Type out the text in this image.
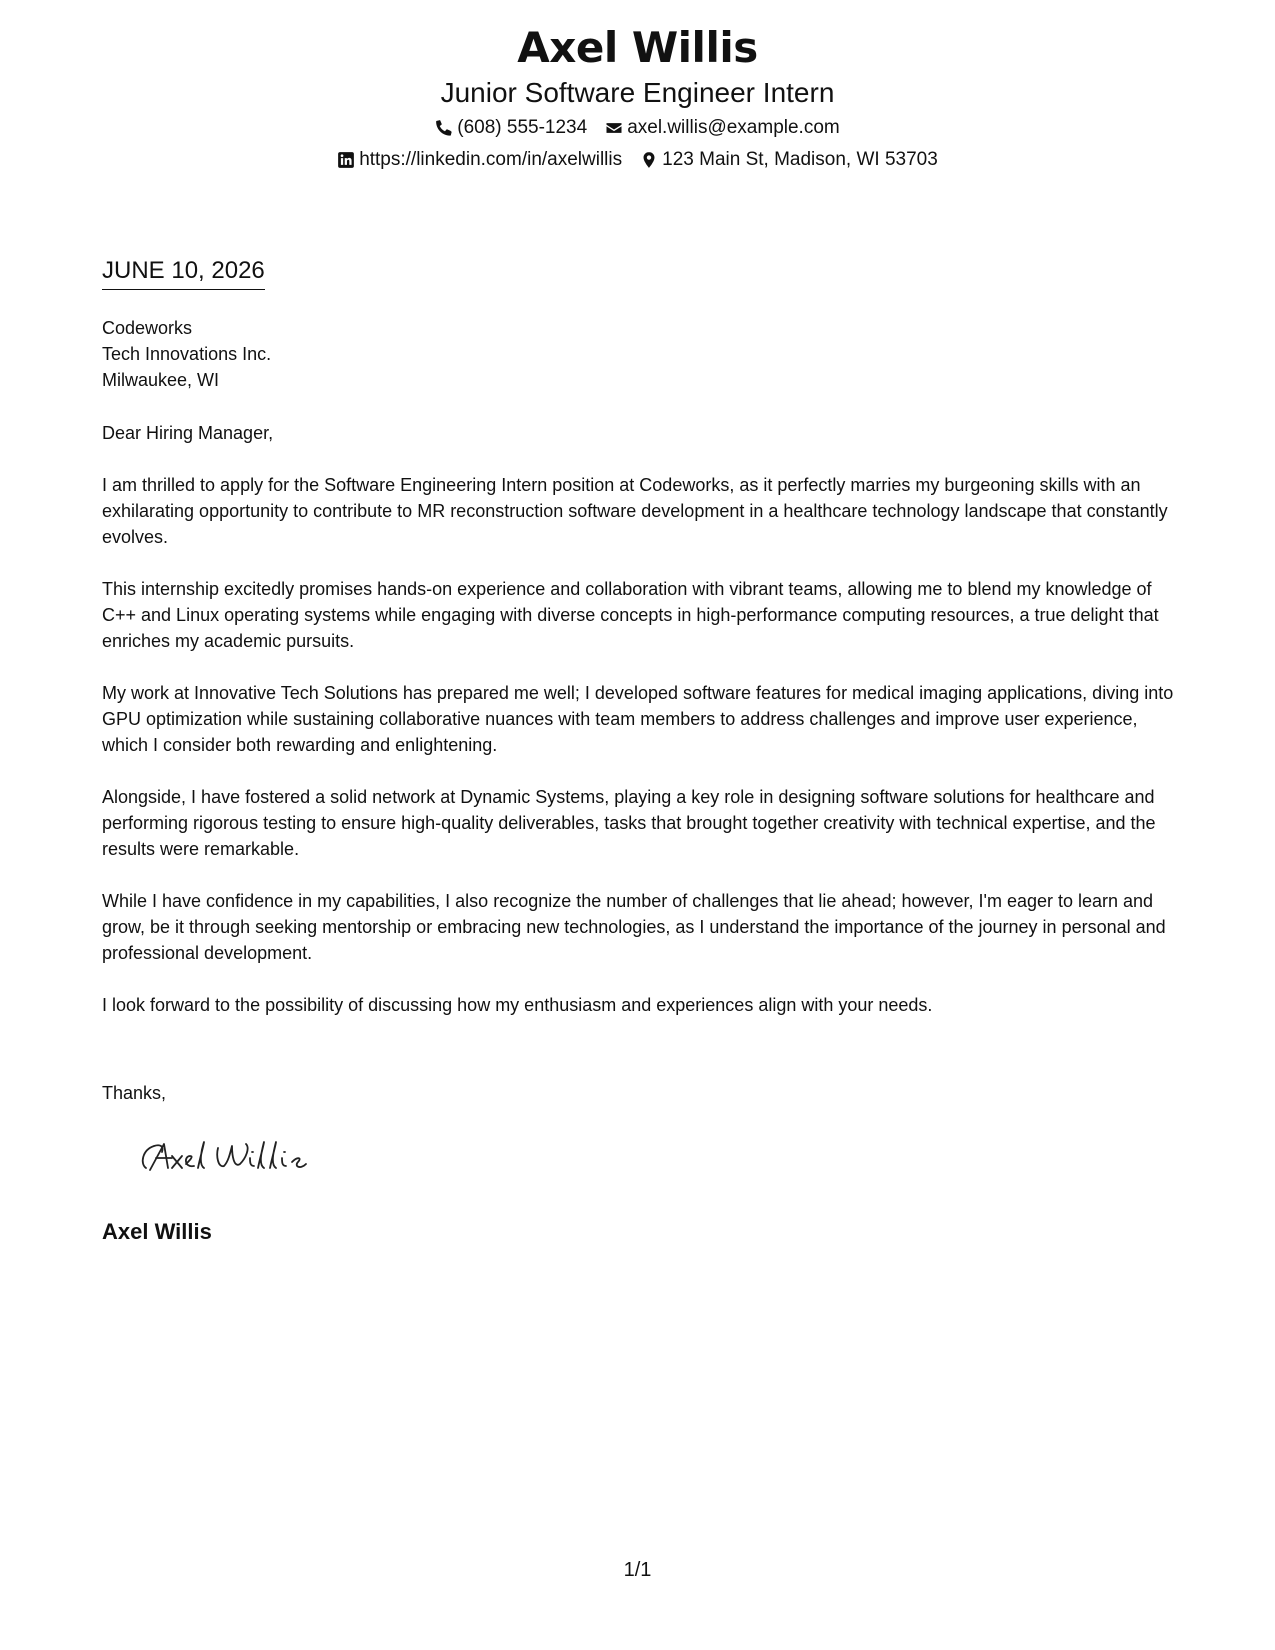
Axel Willis
Junior Software Engineer Intern
(608) 555-1234 axel.willis@example.com
https://linkedin.com/in/axelwillis 123 Main St, Madison, WI 53703
JUNE 10, 2026
Codeworks
Tech Innovations Inc.
Milwaukee, WI

Dear Hiring Manager,

I am thrilled to apply for the Software Engineering Intern position at Codeworks, as it perfectly marries my burgeoning skills with an exhilarating opportunity to contribute to MR reconstruction software development in a healthcare technology landscape that constantly evolves.

This internship excitedly promises hands-on experience and collaboration with vibrant teams, allowing me to blend my knowledge of C++ and Linux operating systems while engaging with diverse concepts in high-performance computing resources, a true delight that enriches my academic pursuits.

My work at Innovative Tech Solutions has prepared me well; I developed software features for medical imaging applications, diving into GPU optimization while sustaining collaborative nuances with team members to address challenges and improve user experience, which I consider both rewarding and enlightening.

Alongside, I have fostered a solid network at Dynamic Systems, playing a key role in designing software solutions for healthcare and performing rigorous testing to ensure high-quality deliverables, tasks that brought together creativity with technical expertise, and the results were remarkable.

While I have confidence in my capabilities, I also recognize the number of challenges that lie ahead; however, I'm eager to learn and grow, be it through seeking mentorship or embracing new technologies, as I understand the importance of the journey in personal and professional development.

I look forward to the possibility of discussing how my enthusiasm and experiences align with your needs.

Thanks,
Axel Willis
1/1
